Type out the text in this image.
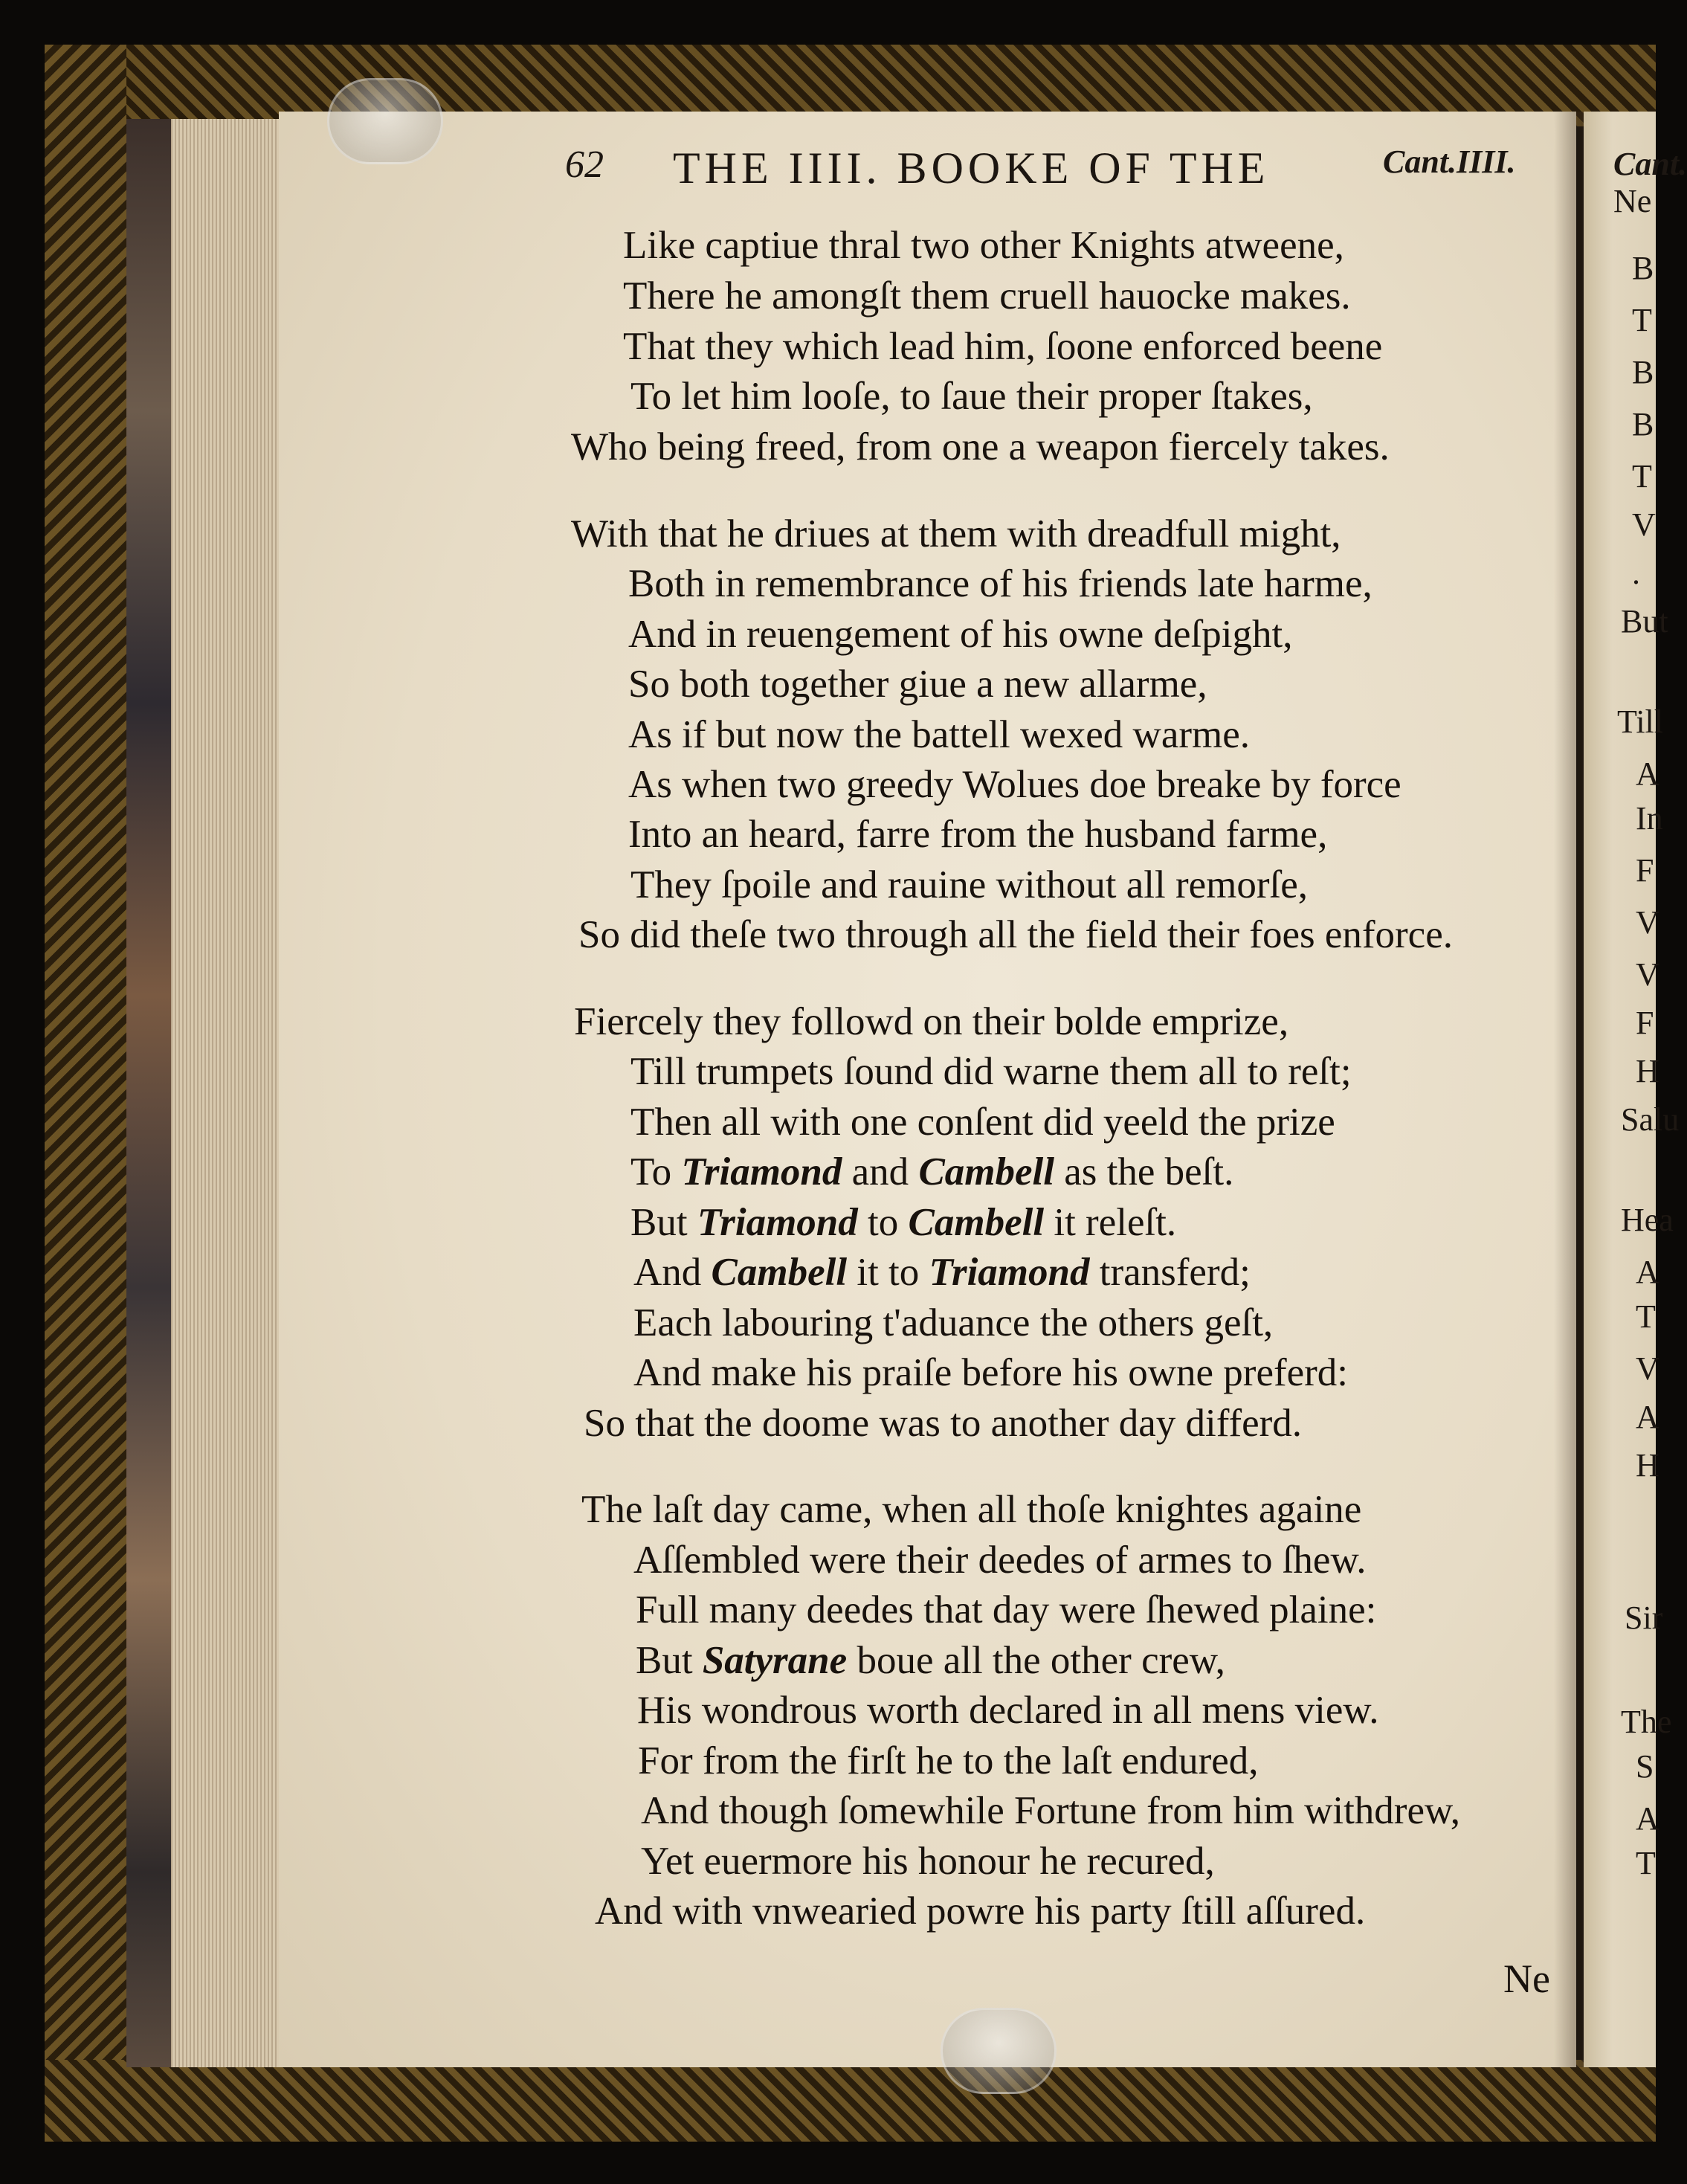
Cant.
Ne
B
T
B
B
T
V
.
But
Till
A
In
F
V
V
F
H
Salu
Hea
A
T
V
A
H
Sir
The
S
A
T
62 THE IIII. BOOKE OF THE	Cant.IIII.
Like captiue thral two other Knights atweene,
There he amongſt them cruell hauocke makes.
That they which lead him, ſoone enforced beene
To let him looſe, to ſaue their proper ſtakes,
Who being freed, from one a weapon fiercely takes.
With that he driues at them with dreadfull might,
Both in remembrance of his friends late harme,
And in reuengement of his owne deſpight,
So both together giue a new allarme,
As if but now the battell wexed warme.
As when two greedy Wolues doe breake by force
Into an heard, farre from the husband farme,
They ſpoile and rauine without all remorſe,
So did theſe two through all the field their foes enforce.
Fiercely they followd on their bolde emprize,
Till trumpets ſound did warne them all to reſt;
Then all with one conſent did yeeld the prize
To Triamond and Cambell as the beſt.
But Triamond to Cambell it releſt.
And Cambell it to Triamond transferd;
Each labouring t'aduance the others geſt,
And make his praiſe before his owne preferd:
So that the doome was to another day differd.
The laſt day came, when all thoſe knightes againe
Aſſembled were their deedes of armes to ſhew.
Full many deedes that day were ſhewed plaine:
But Satyrane boue all the other crew,
His wondrous worth declared in all mens view.
For from the firſt he to the laſt endured,
And though ſomewhile Fortune from him withdrew,
Yet euermore his honour he recured,
And with vnwearied powre his party ſtill aſſured.
Ne
